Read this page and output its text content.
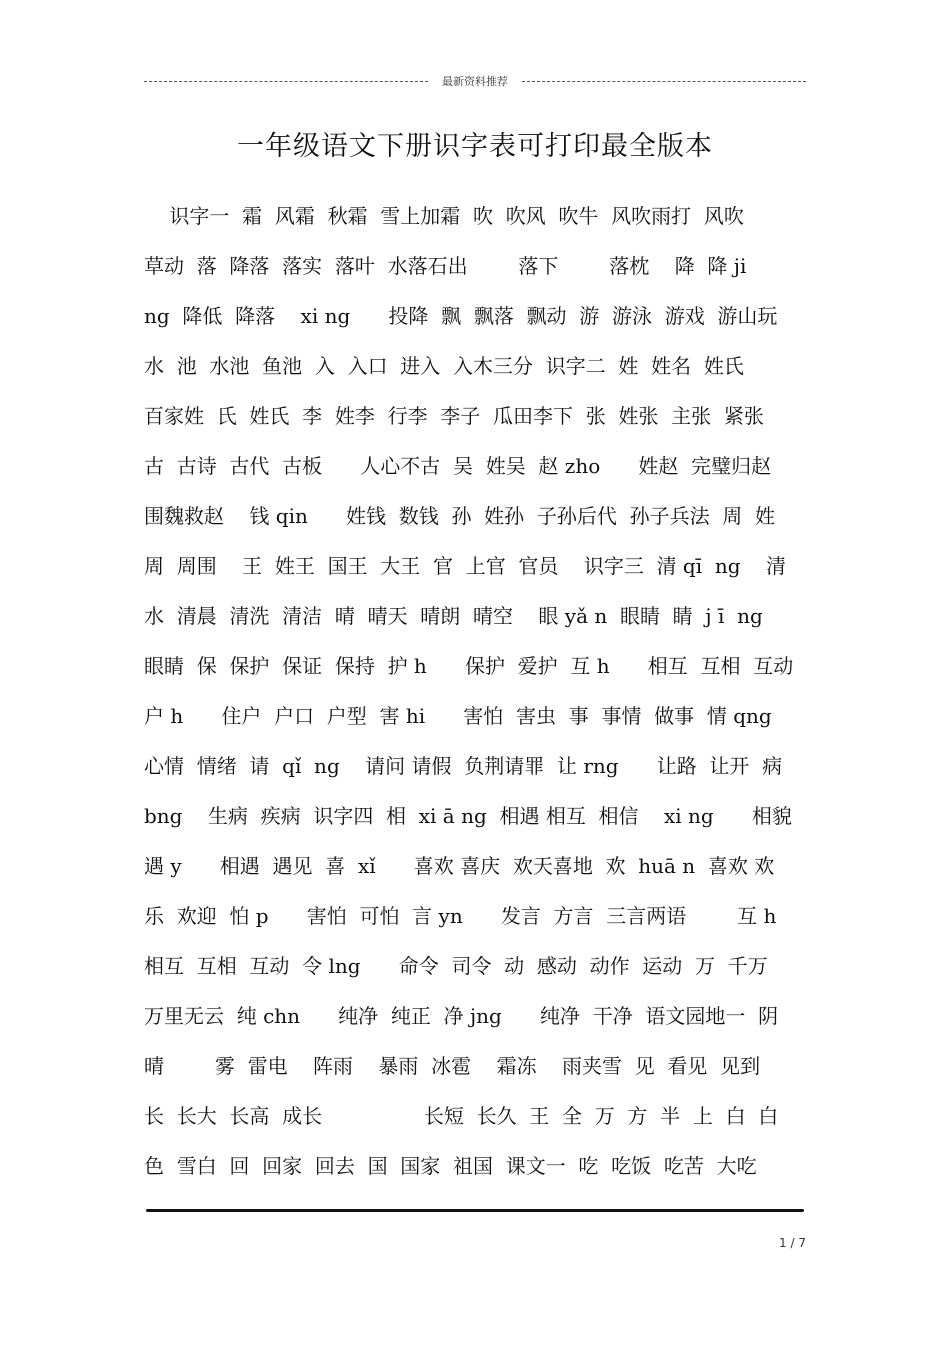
最新资料推荐
一年级语文下册识字表可打印最全版本
识字一  霜  风霜  秋霜  雪上加霜  吹  吹风  吹牛  风吹雨打  风吹
草动  落  降落  落实  落叶  水落石出        落下        落枕    降  降 ji
ng  降低  降落    xi ng      投降  飘  飘落  飘动  游  游泳  游戏  游山玩
水  池  水池  鱼池  入  入口  进入  入木三分  识字二  姓  姓名  姓氏
百家姓  氏  姓氏  李  姓李  行李  李子  瓜田李下  张  姓张  主张  紧张
古  古诗  古代  古板      人心不古  吴  姓吴  赵 zho      姓赵  完璧归赵
围魏救赵    钱 qin      姓钱  数钱  孙  姓孙  子孙后代  孙子兵法  周  姓
周  周围    王  姓王  国王  大王  官  上官  官员    识字三  清 qī  ng    清
水  清晨  清洗  清洁  晴  晴天  晴朗  晴空    眼 yǎ n  眼睛  睛  j ī  ng
眼睛  保  保护  保证  保持  护 h      保护  爱护  互 h      相互  互相  互动
户 h      住户  户口  户型  害 hi      害怕  害虫  事  事情  做事  情 qng
心情  情绪  请  qǐ  ng    请问 请假  负荆请罪  让 rng      让路  让开  病
bng    生病  疾病  识字四  相  xi ā ng  相遇 相互  相信    xi ng      相貌
遇 y      相遇  遇见  喜  xǐ      喜欢 喜庆  欢天喜地  欢  huā n  喜欢 欢
乐  欢迎  怕 p      害怕  可怕  言 yn      发言  方言  三言两语        互 h
相互  互相  互动  令 lng      命令  司令  动  感动  动作  运动  万  千万
万里无云  纯 chn      纯净  纯正  净 jng      纯净  干净  语文园地一  阴
晴        雾  雷电    阵雨    暴雨  冰雹    霜冻    雨夹雪  见  看见  见到
长  长大  长高  成长                长短  长久  王  全  万  方  半  上  白  白
色  雪白  回  回家  回去  国  国家  祖国  课文一  吃  吃饭  吃苦  大吃
1 / 7
